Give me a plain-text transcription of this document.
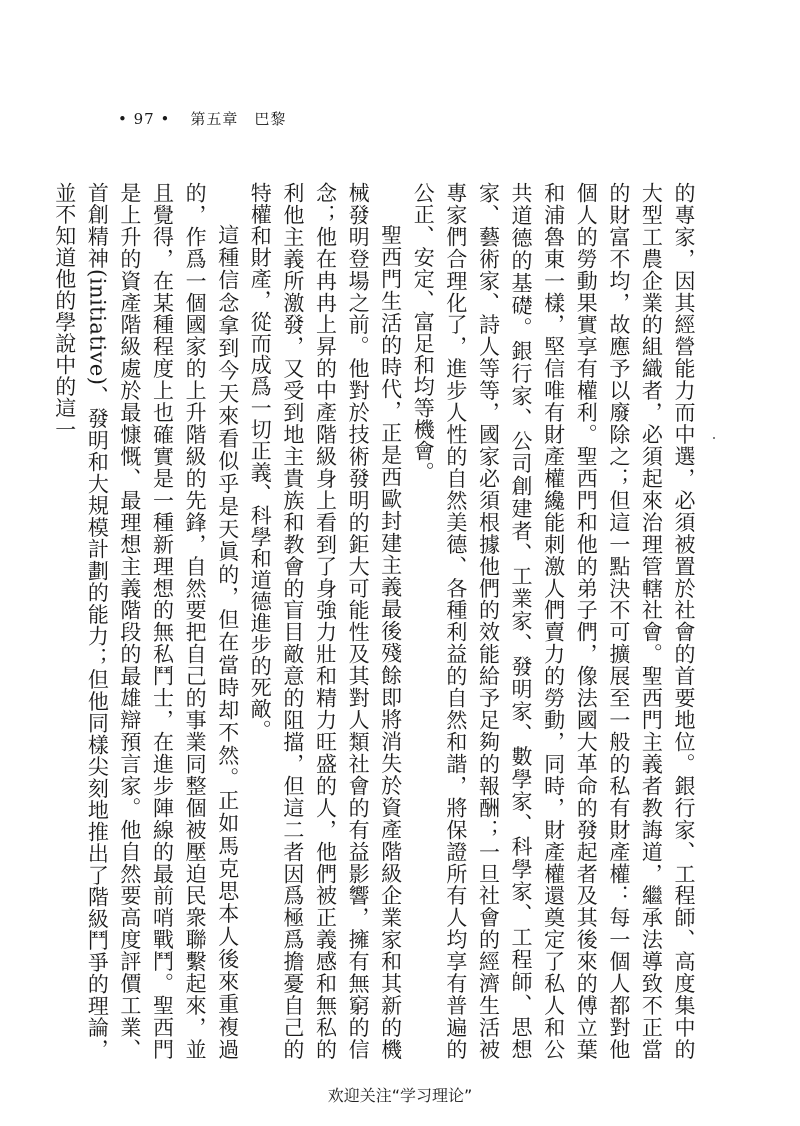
• 97 • 第五章　巴黎

的專家，因其經營能力而中選，必須被置於社會的首要地位。銀行家、工程師、高度集中的大型工農企業的組織者，必須起來治理管轄社會。聖西門主義者教誨道，繼承法導致不正當的財富不均，故應予以廢除之；但這一點決不可擴展至一般的私有財產權：每一個人都對他個人的勞動果實享有權利。聖西門和他的弟子們，像法國大革命的發起者及其後來的傅立葉和浦魯東一樣，堅信唯有財產權纔能刺激人們賣力的勞動，同時，財產權還奠定了私人和公共道德的基礎。銀行家、公司創建者、工業家、發明家、數學家、科學家、工程師、思想家、藝術家、詩人等等，國家必須根據他們的效能給予足夠的報酬；一旦社會的經濟生活被專家們合理化了，進步人性的自然美德、各種利益的自然和諧，將保證所有人均享有普遍的公正、安定、富足和均等機會。

聖西門生活的時代，正是西歐封建主義最後殘餘即將消失於資產階級企業家和其新的機械發明登場之前。他對於技術發明的鉅大可能性及其對人類社會的有益影響，擁有無窮的信念；他在冉冉上昇的中產階級身上看到了身強力壯和精力旺盛的人，他們被正義感和無私的利他主義所激發，又受到地主貴族和教會的盲目敵意的阻擋，但這二者因爲極爲擔憂自己的特權和財產，從而成爲一切正義、科學和道德進步的死敵。

這種信念拿到今天來看似乎是天眞的，但在當時却不然。正如馬克思本人後來重複過的，作爲一個國家的上升階級的先鋒，自然要把自己的事業同整個被壓迫民衆聯繫起來，並且覺得，在某種程度上也確實是一種新理想的無私鬥士，在進步陣線的最前哨戰鬥。聖西門是上升的資產階級處於最慷慨、最理想主義階段的最雄辯預言家。他自然要高度評價工業、首創精神(initiative)、發明和大規模計劃的能力；但他同樣尖刻地推出了階級鬥爭的理論，並不知道他的學說中的這一

欢迎关注“学习理论”
